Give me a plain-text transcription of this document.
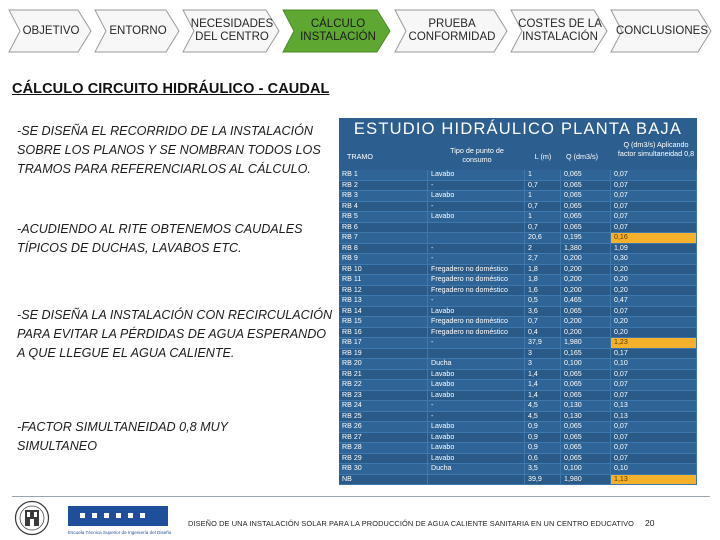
OBJETIVO	ENTORNO
NECESIDADES DEL CENTRO
CÁLCULO INSTALACIÓN
PRUEBA CONFORMIDAD
COSTES DE LA INSTALACIÓN
CONCLUSIONES
CÁLCULO CIRCUITO HIDRÁULICO - CAUDAL
-SE DISEÑA EL RECORRIDO DE LA INSTALACIÓN SOBRE LOS PLANOS Y SE NOMBRAN TODOS LOS TRAMOS PARA REFERENCIARLOS AL CÁLCULO.
-ACUDIENDO AL RITE OBTENEMOS CAUDALES TÍPICOS DE DUCHAS, LAVABOS ETC.
-SE DISEÑA LA INSTALACIÓN CON RECIRCULACIÓN PARA EVITAR LA PÉRDIDAS DE AGUA ESPERANDO A QUE LLEGUE EL AGUA CALIENTE.
-FACTOR SIMULTANEIDAD 0,8 MUY SIMULTANEO
ESTUDIO HIDRÁULICO PLANTA BAJA
TRAMO
Tipo de punto de consumo	L (m)	Q (dm3/s)
Q (dm3/s) Aplicando factor simultaneidad 0,8
RB 1	Lavabo	1	0,065	0,07
RB 2	-	0,7	0,065	0,07
RB 3	Lavabo	1	0,065	0,07
RB 4	-	0,7	0,065	0,07
RB 5	Lavabo	1	0,065	0,07
RB 6		0,7	0,065	0,07
RB 7		20,6	0,195	0,16
RB 8	-	2	1,380	1,09
RB 9	-	2,7	0,200	0,30
RB 10	Fregadero no doméstico	1,8	0,200	0,20
RB 11	Fregadero no doméstico	1,8	0,200	0,20
RB 12	Fregadero no doméstico	1,6	0,200	0,20
RB 13	-	0,5	0,465	0,47
RB 14	Lavabo	3,6	0,065	0,07
RB 15	Fregadero no doméstico	0,7	0,200	0,20
RB 16	Fregadero no doméstico	0,4	0,200	0,20
RB 17	-	37,9	1,980	1,23
RB 19		3	0,165	0,17
RB 20	Ducha	3	0,100	0,10
RB 21	Lavabo	1,4	0,065	0,07
RB 22	Lavabo	1,4	0,065	0,07
RB 23	Lavabo	1,4	0,065	0,07
RB 24	-	4,5	0,130	0,13
RB 25	-	4,5	0,130	0,13
RB 26	Lavabo	0,9	0,065	0,07
RB 27	Lavabo	0,9	0,065	0,07
RB 28	Lavabo	0,9	0,065	0,07
RB 29	Lavabo	0,6	0,065	0,07
RB 30	Ducha	3,5	0,100	0,10
NB		39,9	1,980	1,13
Escuela Técnica Superior de Ingeniería del Diseño
DISEÑO DE UNA INSTALACIÓN SOLAR PARA LA PRODUCCIÓN DE AGUA CALIENTE SANITARIA EN UN CENTRO EDUCATIVO 20
